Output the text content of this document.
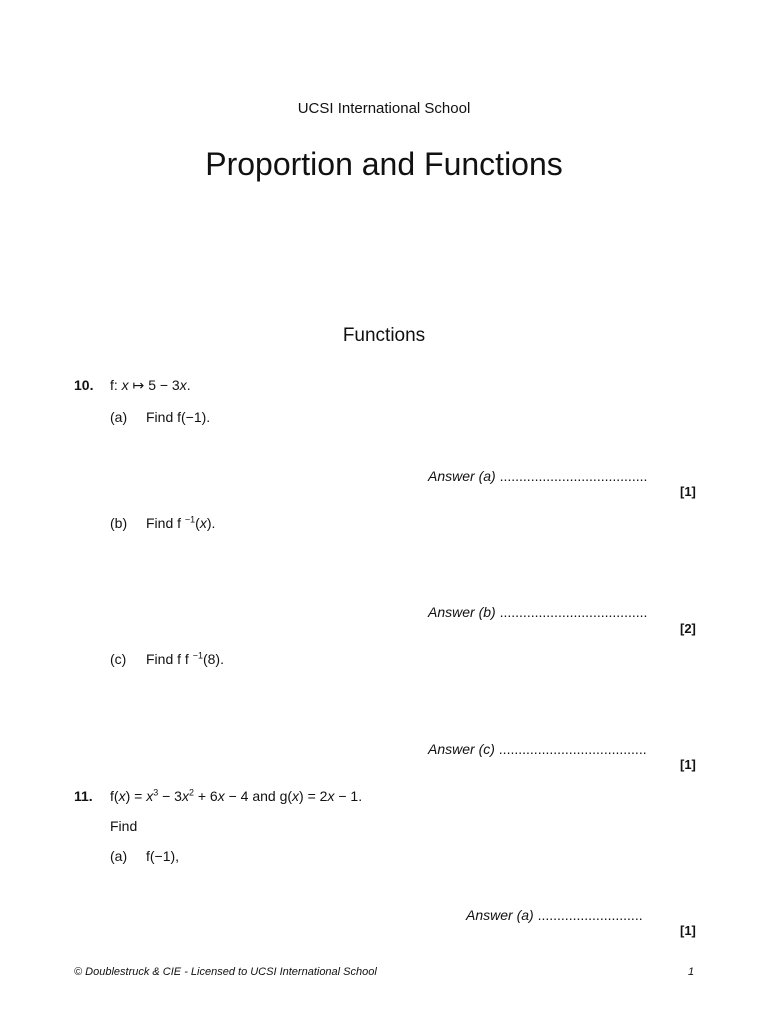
UCSI International School
Proportion and Functions
Functions
10. f: x ↦ 5 − 3x.
(a) Find f(−1).
Answer (a) ......................................
[1]
(b) Find f $^{-1}$(x).
Answer (b) ......................................
[2]
(c) Find f f $^{-1}$(8).
Answer (c) ......................................
[1]
11. $f(x) = x^3 - 3x^2 + 6x - 4$ and g(x) = 2x − 1.
Find
(a) f(−1),
Answer (a) ...........................
[1]
© Doublestruck & CIE - Licensed to UCSI International School	1
